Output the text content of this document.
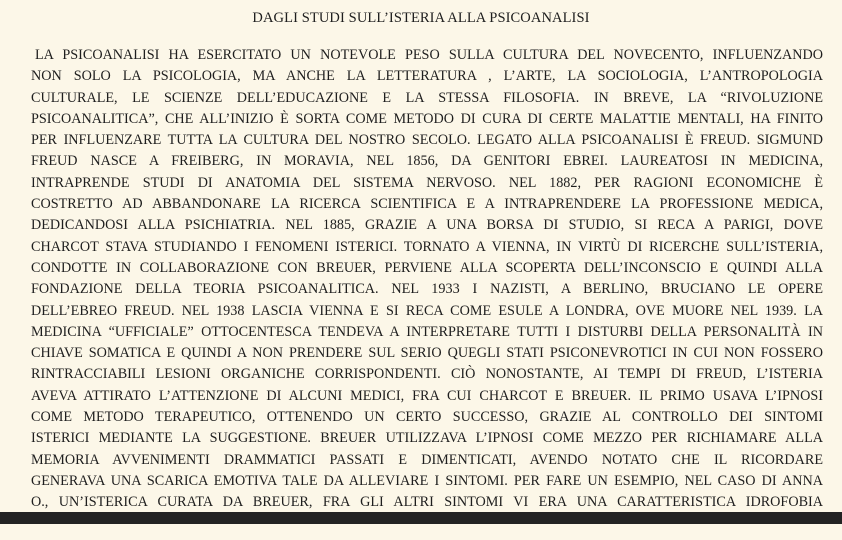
DAGLI STUDI SULL’ISTERIA ALLA PSICOANALISI
LA PSICOANALISI HA ESERCITATO UN NOTEVOLE PESO SULLA CULTURA DEL NOVECENTO, INFLUENZANDO
NON SOLO LA PSICOLOGIA, MA ANCHE LA LETTERATURA , L’ARTE, LA SOCIOLOGIA, L’ANTROPOLOGIA
CULTURALE, LE SCIENZE DELL’EDUCAZIONE E LA STESSA FILOSOFIA. IN BREVE, LA “RIVOLUZIONE
PSICOANALITICA”, CHE ALL’INIZIO È SORTA COME METODO DI CURA DI CERTE MALATTIE MENTALI, HA FINITO
PER INFLUENZARE TUTTA LA CULTURA DEL NOSTRO SECOLO. LEGATO ALLA PSICOANALISI È FREUD. SIGMUND
FREUD NASCE A FREIBERG, IN MORAVIA, NEL 1856, DA GENITORI EBREI. LAUREATOSI IN MEDICINA,
INTRAPRENDE STUDI DI ANATOMIA DEL SISTEMA NERVOSO. NEL 1882, PER RAGIONI ECONOMICHE È
COSTRETTO AD ABBANDONARE LA RICERCA SCIENTIFICA E A INTRAPRENDERE LA PROFESSIONE MEDICA,
DEDICANDOSI ALLA PSICHIATRIA. NEL 1885, GRAZIE A UNA BORSA DI STUDIO, SI RECA A PARIGI, DOVE
CHARCOT STAVA STUDIANDO I FENOMENI ISTERICI. TORNATO A VIENNA, IN VIRTÙ DI RICERCHE SULL’ISTERIA,
CONDOTTE IN COLLABORAZIONE CON BREUER, PERVIENE ALLA SCOPERTA DELL’INCONSCIO E QUINDI ALLA
FONDAZIONE DELLA TEORIA PSICOANALITICA. NEL 1933 I NAZISTI, A BERLINO, BRUCIANO LE OPERE
DELL’EBREO FREUD. NEL 1938 LASCIA VIENNA E SI RECA COME ESULE A LONDRA, OVE MUORE NEL 1939. LA
MEDICINA “UFFICIALE” OTTOCENTESCA TENDEVA A INTERPRETARE TUTTI I DISTURBI DELLA PERSONALITÀ IN
CHIAVE SOMATICA E QUINDI A NON PRENDERE SUL SERIO QUEGLI STATI PSICONEVROTICI IN CUI NON FOSSERO
RINTRACCIABILI LESIONI ORGANICHE CORRISPONDENTI. CIÒ NONOSTANTE, AI TEMPI DI FREUD, L’ISTERIA
AVEVA ATTIRATO L’ATTENZIONE DI ALCUNI MEDICI, FRA CUI CHARCOT E BREUER. IL PRIMO USAVA L’IPNOSI
COME METODO TERAPEUTICO, OTTENENDO UN CERTO SUCCESSO, GRAZIE AL CONTROLLO DEI SINTOMI
ISTERICI MEDIANTE LA SUGGESTIONE. BREUER UTILIZZAVA L’IPNOSI COME MEZZO PER RICHIAMARE ALLA
MEMORIA AVVENIMENTI DRAMMATICI PASSATI E DIMENTICATI, AVENDO NOTATO CHE IL RICORDARE
GENERAVA UNA SCARICA EMOTIVA TALE DA ALLEVIARE I SINTOMI. PER FARE UN ESEMPIO, NEL CASO DI ANNA
O., UN’ISTERICA CURATA DA BREUER, FRA GLI ALTRI SINTOMI VI ERA UNA CARATTERISTICA IDROFOBIA
